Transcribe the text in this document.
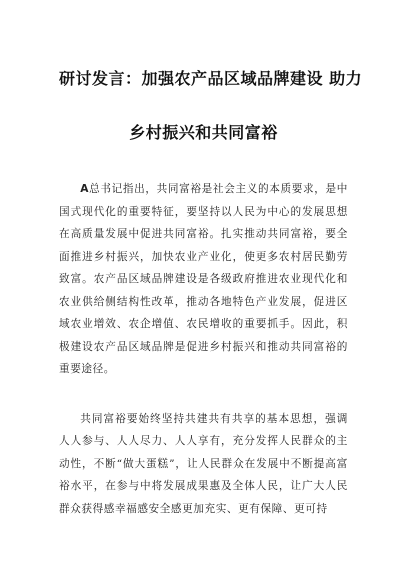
研讨发言：加强农产品区域品牌建设 助力
乡村振兴和共同富裕

A总书记指出，共同富裕是社会主义的本质要求，是中国式现代化的重要特征，要坚持以人民为中心的发展思想在高质量发展中促进共同富裕。扎实推动共同富裕，要全面推进乡村振兴，加快农业产业化，使更多农村居民勤劳致富。农产品区域品牌建设是各级政府推进农业现代化和农业供给侧结构性改革，推动各地特色产业发展，促进区域农业增效、农企增值、农民增收的重要抓手。因此，积极建设农产品区域品牌是促进乡村振兴和推动共同富裕的重要途径。

共同富裕要始终坚持共建共有共享的基本思想，强调人人参与、人人尽力、人人享有，充分发挥人民群众的主动性，不断“做大蛋糕”，让人民群众在发展中不断提高富裕水平，在参与中将发展成果惠及全体人民，让广大人民群众获得感幸福感安全感更加充实、更有保障、更可持
